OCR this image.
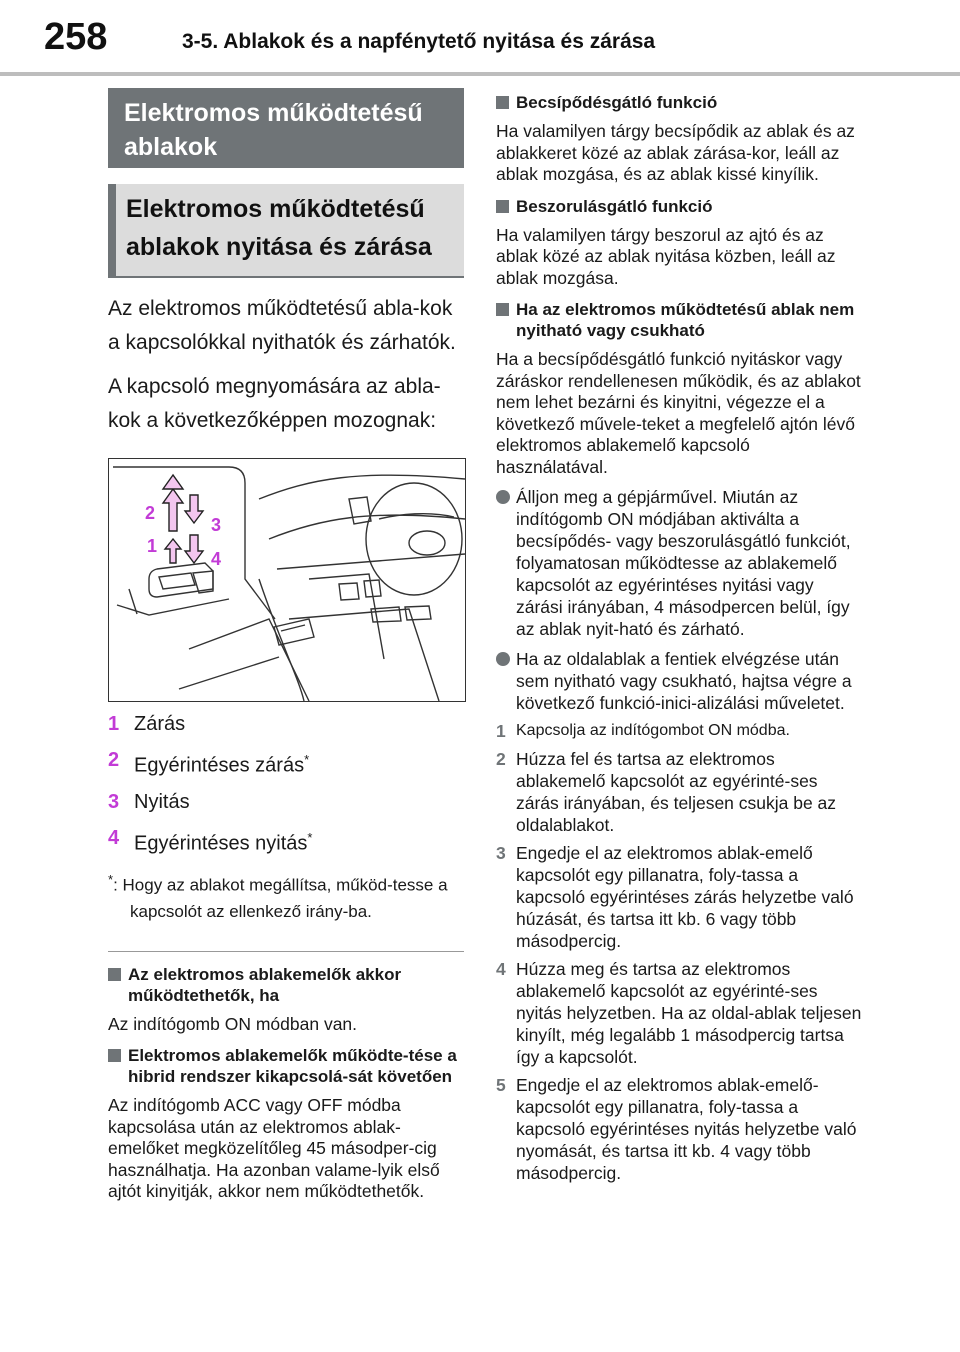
258	3-5. Ablakok és a napfénytető nyitása és zárása
Elektromos működtetésű ablakok
Elektromos működtetésű ablakok nyitása és zárása

Az elektromos működtetésű abla-kok a kapcsolókkal nyithatók és zárhatók.

A kapcsoló megnyomására az abla-kok a következőképpen mozognak:

2
3
1
4
1 Zárás
2 Egyérintéses zárás*
3 Nyitás
4 Egyérintéses nyitás*
*: Hogy az ablakot megállítsa, működ-tesse a kapcsolót az ellenkező irány-ba.
Az elektromos ablakemelők akkor működtethetők, ha
Az indítógomb ON módban van.
Elektromos ablakemelők működte-tése a hibrid rendszer kikapcsolá-sát követően
Az indítógomb ACC vagy OFF módba kapcsolása után az elektromos ablak-emelőket megközelítőleg 45 másodper-cig használhatja. Ha azonban valame-lyik első ajtót kinyitják, akkor nem működtethetők.
Becsípődésgátló funkció
Ha valamilyen tárgy becsípődik az ablak és az ablakkeret közé az ablak zárása-kor, leáll az ablak mozgása, és az ablak kissé kinyílik.
Beszorulásgátló funkció
Ha valamilyen tárgy beszorul az ajtó és az ablak közé az ablak nyitása közben, leáll az ablak mozgása.
Ha az elektromos működtetésű ablak nem nyitható vagy csukható
Ha a becsípődésgátló funkció nyitáskor vagy záráskor rendellenesen működik, és az ablakot nem lehet bezárni és kinyitni, végezze el a következő művele-teket a megfelelő ajtón lévő elektromos ablakemelő kapcsoló használatával.
Álljon meg a gépjárművel. Miután az indítógomb ON módjában aktiválta a becsípődés- vagy beszorulásgátló funkciót, folyamatosan működtesse az ablakemelő kapcsolót az egyérintéses nyitási vagy zárási irányában, 4 másodpercen belül, így az ablak nyit-ható és zárható.
Ha az oldalablak a fentiek elvégzése után sem nyitható vagy csukható, hajtsa végre a következő funkció-inici-alizálási műveletet.
1 Kapcsolja az indítógombot ON módba.
2 Húzza fel és tartsa az elektromos ablakemelő kapcsolót az egyérinté-ses zárás irányában, és teljesen csukja be az oldalablakot.
3 Engedje el az elektromos ablak-emelő kapcsolót egy pillanatra, foly-tassa a kapcsoló egyérintéses zárás helyzetbe való húzását, és tartsa itt kb. 6 vagy több másodpercig.
4 Húzza meg és tartsa az elektromos ablakemelő kapcsolót az egyérinté-ses nyitás helyzetben. Ha az oldal-ablak teljesen kinyílt, még legalább 1 másodpercig tartsa így a kapcsolót.
5 Engedje el az elektromos ablak-emelő-kapcsolót egy pillanatra, foly-tassa a kapcsoló egyérintéses nyitás helyzetbe való nyomását, és tartsa itt kb. 4 vagy több másodpercig.
